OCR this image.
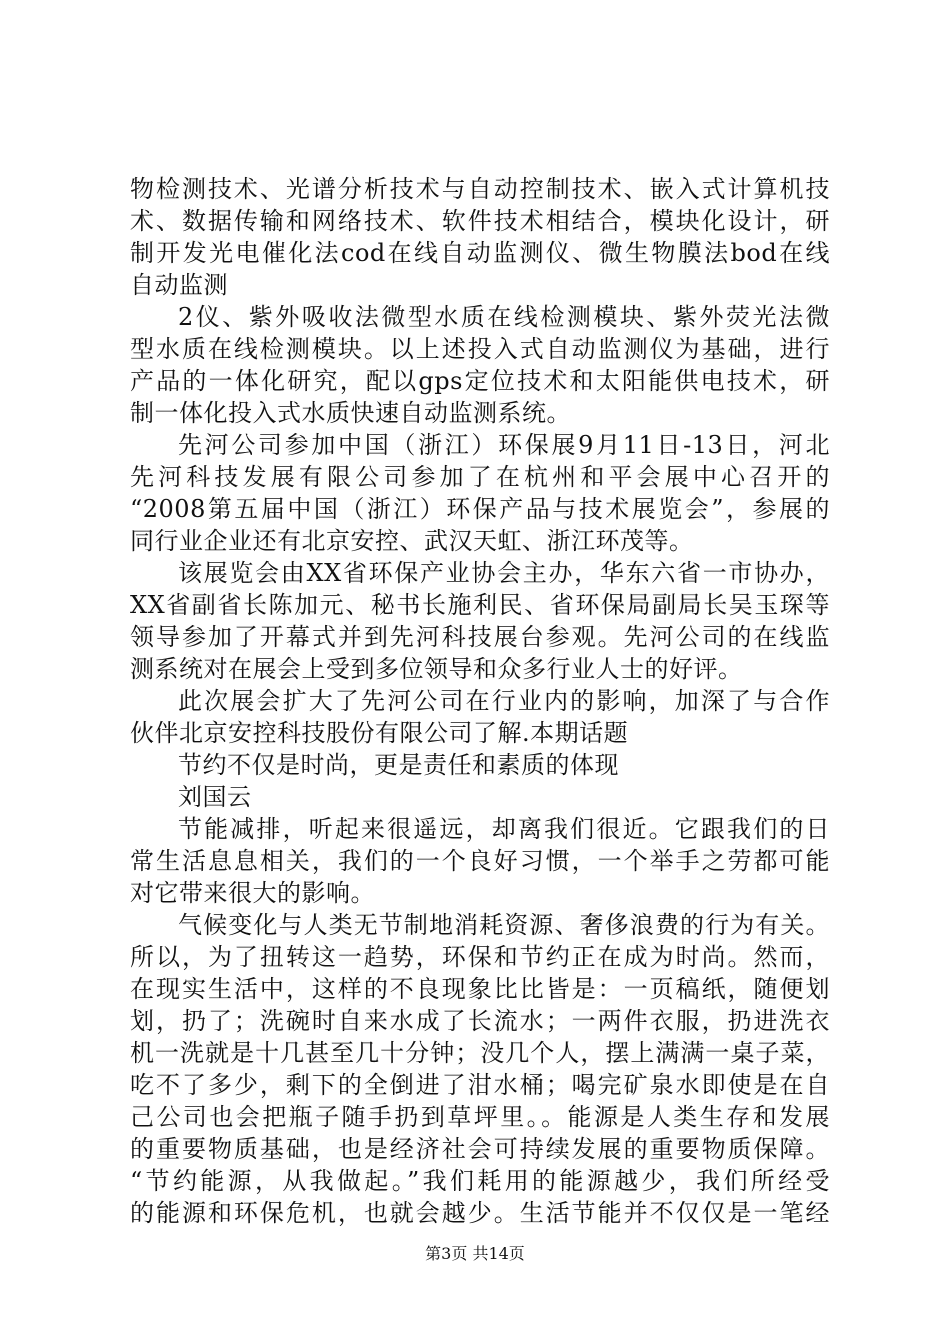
物检测技术、光谱分析技术与自动控制技术、嵌入式计算机技
术、数据传输和网络技术、软件技术相结合，模块化设计，研
制开发光电催化法cod在线自动监测仪、微生物膜法bod在线
自动监测
2仪、紫外吸收法微型水质在线检测模块、紫外荧光法微
型水质在线检测模块。以上述投入式自动监测仪为基础，进行
产品的一体化研究，配以gps定位技术和太阳能供电技术，研
制一体化投入式水质快速自动监测系统。
先河公司参加中国（浙江）环保展9月11日-13日，河北
先河科技发展有限公司参加了在杭州和平会展中心召开的
“2008第五届中国（浙江）环保产品与技术展览会”，参展的
同行业企业还有北京安控、武汉天虹、浙江环茂等。
该展览会由XX省环保产业协会主办，华东六省一市协办，
XX省副省长陈加元、秘书长施利民、省环保局副局长吴玉琛等
领导参加了开幕式并到先河科技展台参观。先河公司的在线监
测系统对在展会上受到多位领导和众多行业人士的好评。
此次展会扩大了先河公司在行业内的影响，加深了与合作
伙伴北京安控科技股份有限公司了解.本期话题
节约不仅是时尚，更是责任和素质的体现
刘国云
节能减排，听起来很遥远，却离我们很近。它跟我们的日
常生活息息相关，我们的一个良好习惯，一个举手之劳都可能
对它带来很大的影响。
气候变化与人类无节制地消耗资源、奢侈浪费的行为有关。
所以，为了扭转这一趋势，环保和节约正在成为时尚。然而，
在现实生活中，这样的不良现象比比皆是：一页稿纸，随便划
划，扔了；洗碗时自来水成了长流水；一两件衣服，扔进洗衣
机一洗就是十几甚至几十分钟；没几个人，摆上满满一桌子菜，
吃不了多少，剩下的全倒进了泔水桶；喝完矿泉水即使是在自
己公司也会把瓶子随手扔到草坪里。。能源是人类生存和发展
的重要物质基础，也是经济社会可持续发展的重要物质保障。
“节约能源，从我做起。”我们耗用的能源越少，我们所经受
的能源和环保危机，也就会越少。生活节能并不仅仅是一笔经
第3页 共14页
